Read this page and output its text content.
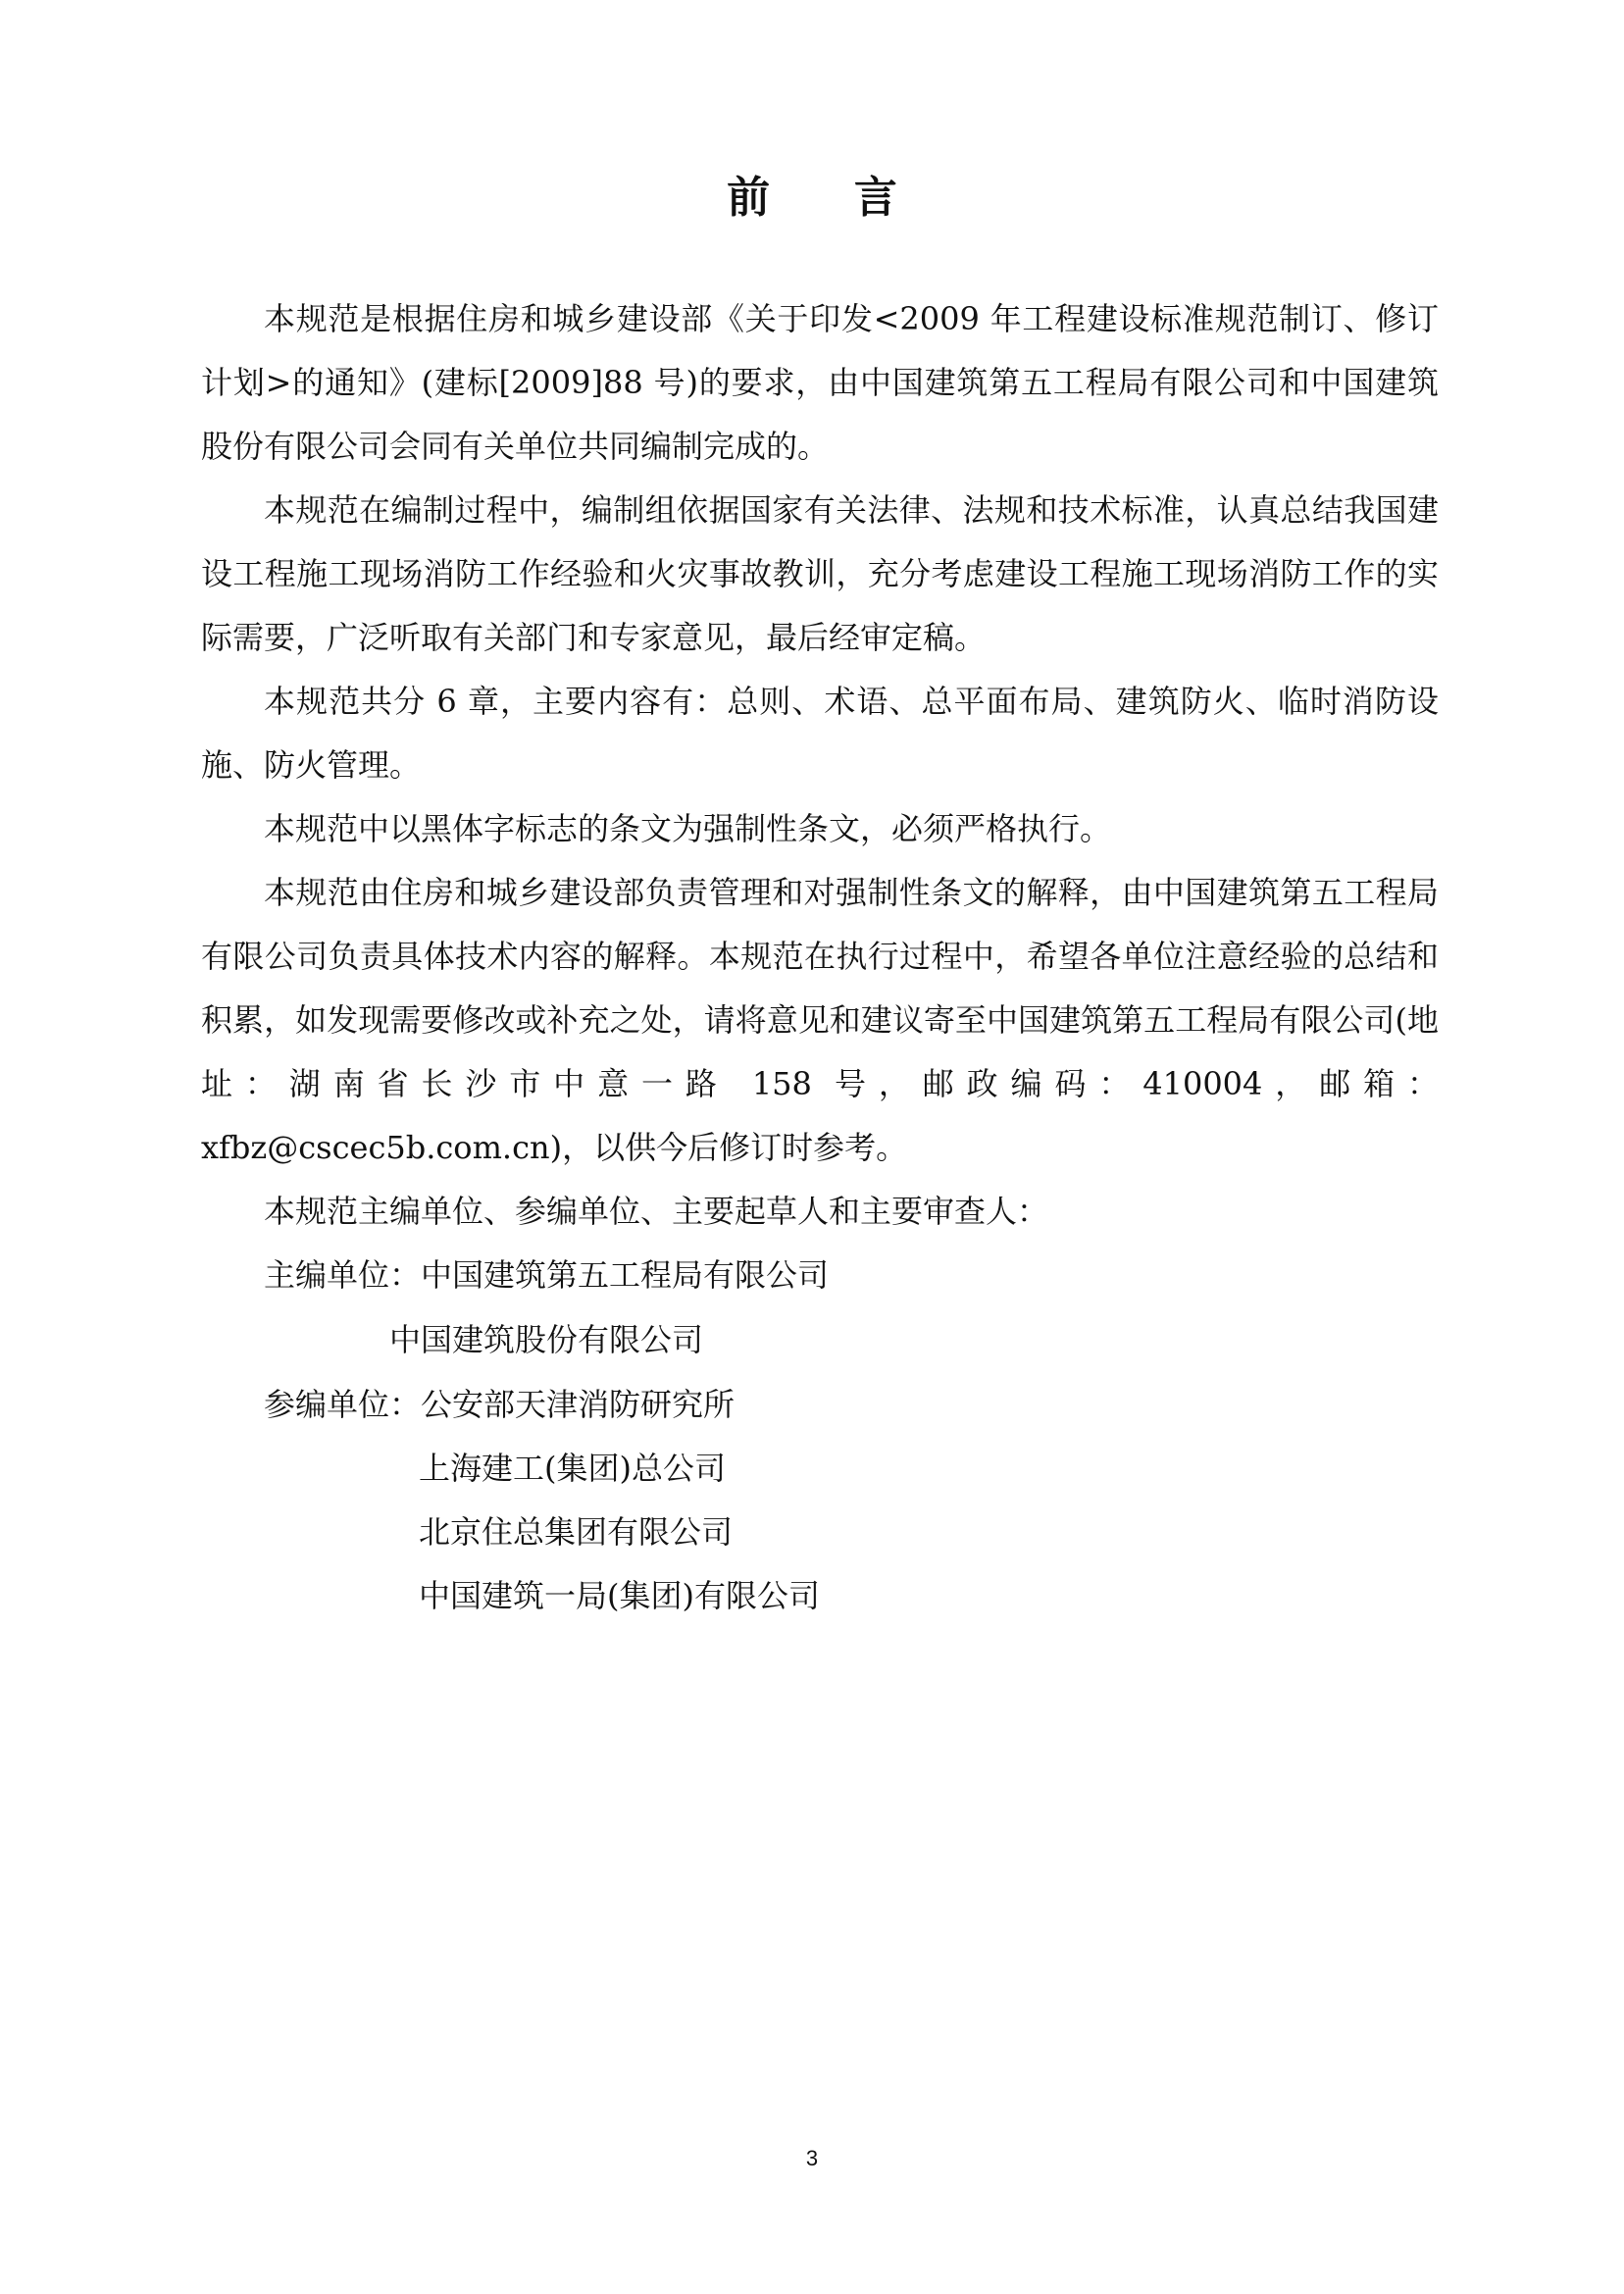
前 言

本规范是根据住房和城乡建设部《关于印发<2009 年工程建设标准规范制订、修订计划>的通知》(建标[2009]88 号)的要求，由中国建筑第五工程局有限公司和中国建筑股份有限公司会同有关单位共同编制完成的。

本规范在编制过程中，编制组依据国家有关法律、法规和技术标准，认真总结我国建设工程施工现场消防工作经验和火灾事故教训，充分考虑建设工程施工现场消防工作的实际需要，广泛听取有关部门和专家意见，最后经审定稿。

本规范共分 6 章，主要内容有：总则、术语、总平面布局、建筑防火、临时消防设施、防火管理。

本规范中以黑体字标志的条文为强制性条文，必须严格执行。

本规范由住房和城乡建设部负责管理和对强制性条文的解释，由中国建筑第五工程局有限公司负责具体技术内容的解释。本规范在执行过程中，希望各单位注意经验的总结和积累，如发现需要修改或补充之处，请将意见和建议寄至中国建筑第五工程局有限公司(地址：湖南省长沙市中意一路 158 号，邮政编码：410004，邮箱：xfbz@cscec5b.com.cn)，以供今后修订时参考。

本规范主编单位、参编单位、主要起草人和主要审查人：

主编单位：中国建筑第五工程局有限公司

中国建筑股份有限公司

参编单位：公安部天津消防研究所

上海建工(集团)总公司

北京住总集团有限公司

中国建筑一局(集团)有限公司

3
